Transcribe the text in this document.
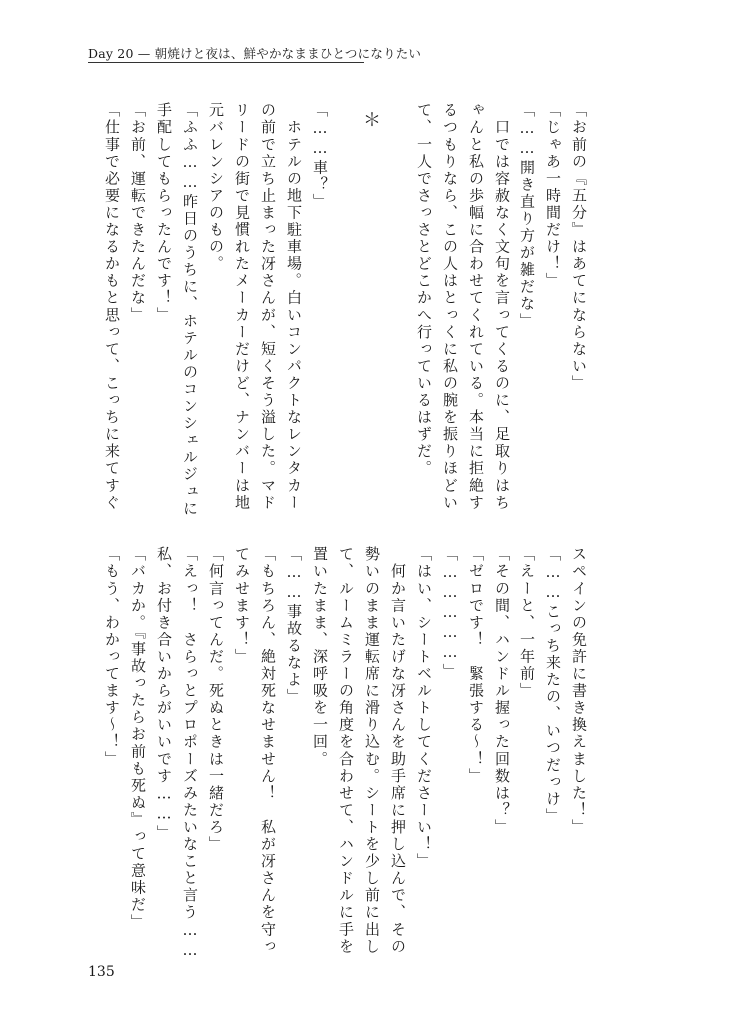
Day 20 — 朝焼けと夜は、鮮やかなままひとつになりたい
「お前の『五分』はあてにならない」
「じゃあ一時間だけ！」
「……開き直り方が雑だな」
　口では容赦なく文句を言ってくるのに、足取りはち
ゃんと私の歩幅に合わせてくれている。本当に拒絶す
るつもりなら、この人はとっくに私の腕を振りほどい
て、一人でさっさとどこかへ行っているはずだ。
＊
「……車？」
　ホテルの地下駐車場。白いコンパクトなレンタカー
の前で立ち止まった冴さんが、短くそう溢した。マド
リードの街で見慣れたメーカーだけど、ナンバーは地
元バレンシアのもの。
「ふふ……昨日のうちに、ホテルのコンシェルジュに
手配してもらったんです！」
「お前、運転できたんだな」
「仕事で必要になるかもと思って、こっちに来てすぐ
スペインの免許に書き換えました！」
「……こっち来たの、いつだっけ」
「えーと、一年前」
「その間、ハンドル握った回数は？」
「ゼロです！　緊張する〜！」
「……………」
「はい、シートベルトしてくださーい！」
　何か言いたげな冴さんを助手席に押し込んで、その
勢いのまま運転席に滑り込む。シートを少し前に出し
て、ルームミラーの角度を合わせて、ハンドルに手を
置いたまま、深呼吸を一回。
「……事故るなよ」
「もちろん、絶対死なせません！　私が冴さんを守っ
てみせます！」
「何言ってんだ。死ぬときは一緒だろ」
「えっ！　さらっとプロポーズみたいなこと言う……
私、お付き合いからがいいです……」
「バカか。『事故ったらお前も死ぬ』って意味だ」
「もう、わかってます〜！」
135
